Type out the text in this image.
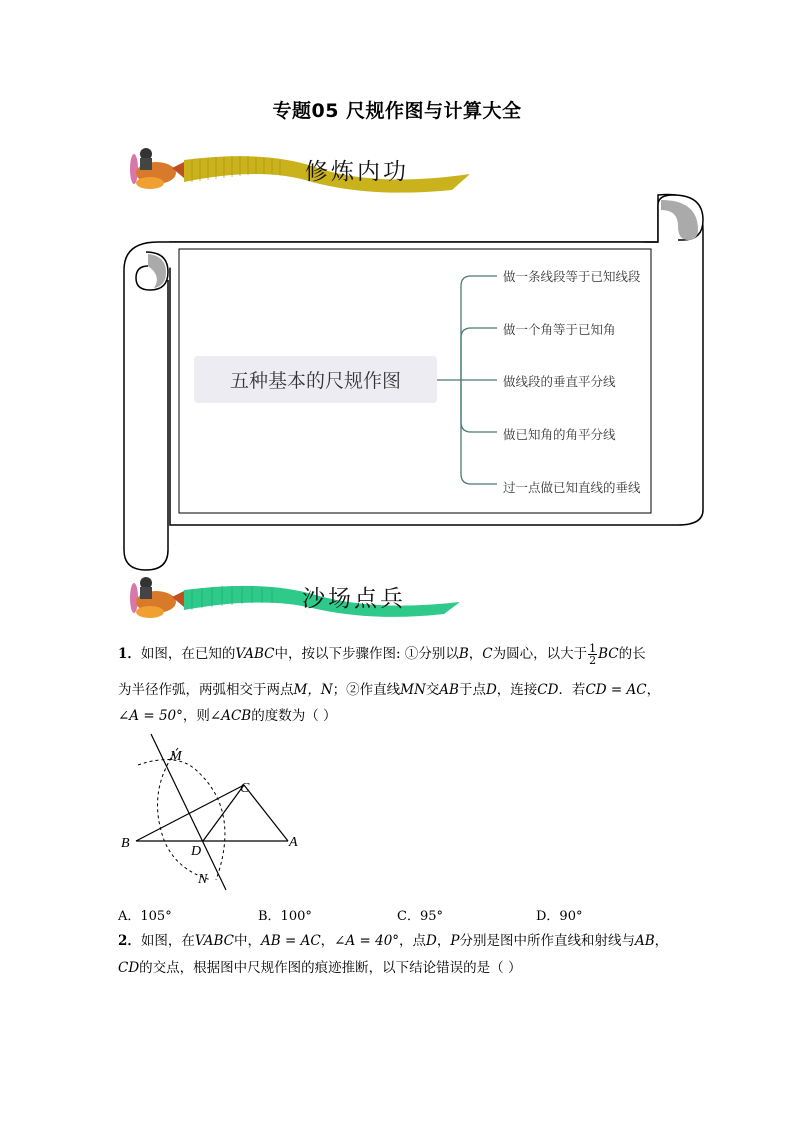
专题05 尺规作图与计算大全
修炼内功
五种基本的尺规作图
做一条线段等于已知线段
做一个角等于已知角
做线段的垂直平分线
做已知角的角平分线
过一点做已知直线的垂线
沙场点兵
1．如图，在已知的VABC中，按以下步骤作图: ①分别以B，C为圆心，以大于 $\frac{1}{2}$ BC的长
为半径作弧，两弧相交于两点M，N；②作直线MN交AB于点D，连接CD．若CD = AC，
∠A = 50°，则∠ACB的度数为（ ）
M
C
B	A
D
N
A．105°	B．100°	C．95°	D．90°
2．如图，在VABC中，AB = AC，∠A = 40°，点D，P分别是图中所作直线和射线与AB，
CD的交点，根据图中尺规作图的痕迹推断，以下结论错误的是（ ）
